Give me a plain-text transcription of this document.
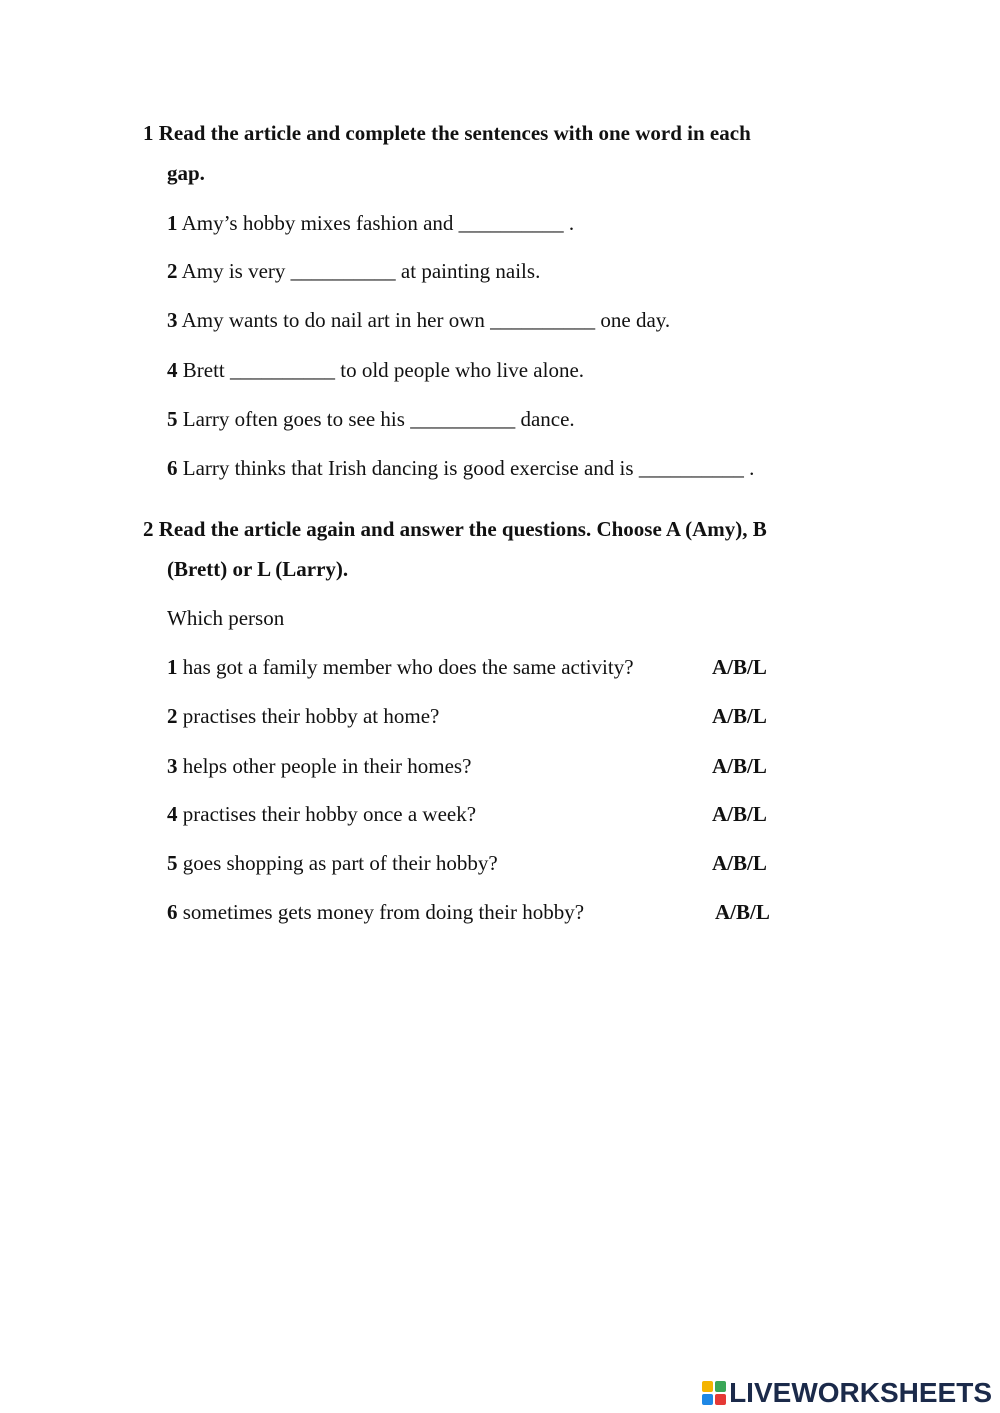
1 Read the article and complete the sentences with one word in each
gap.
1 Amy’s hobby mixes fashion and __________ .
2 Amy is very __________ at painting nails.
3 Amy wants to do nail art in her own __________ one day.
4 Brett __________ to old people who live alone.
5 Larry often goes to see his __________ dance.
6 Larry thinks that Irish dancing is good exercise and is __________ .
2 Read the article again and answer the questions. Choose A (Amy), B
(Brett) or L (Larry).
Which person
1 has got a family member who does the same activity?	A/B/L
2 practises their hobby at home?	A/B/L
3 helps other people in their homes?	A/B/L
4 practises their hobby once a week?	A/B/L
5 goes shopping as part of their hobby?	A/B/L
6 sometimes gets money from doing their hobby?	A/B/L
LIVEWORKSHEETS
